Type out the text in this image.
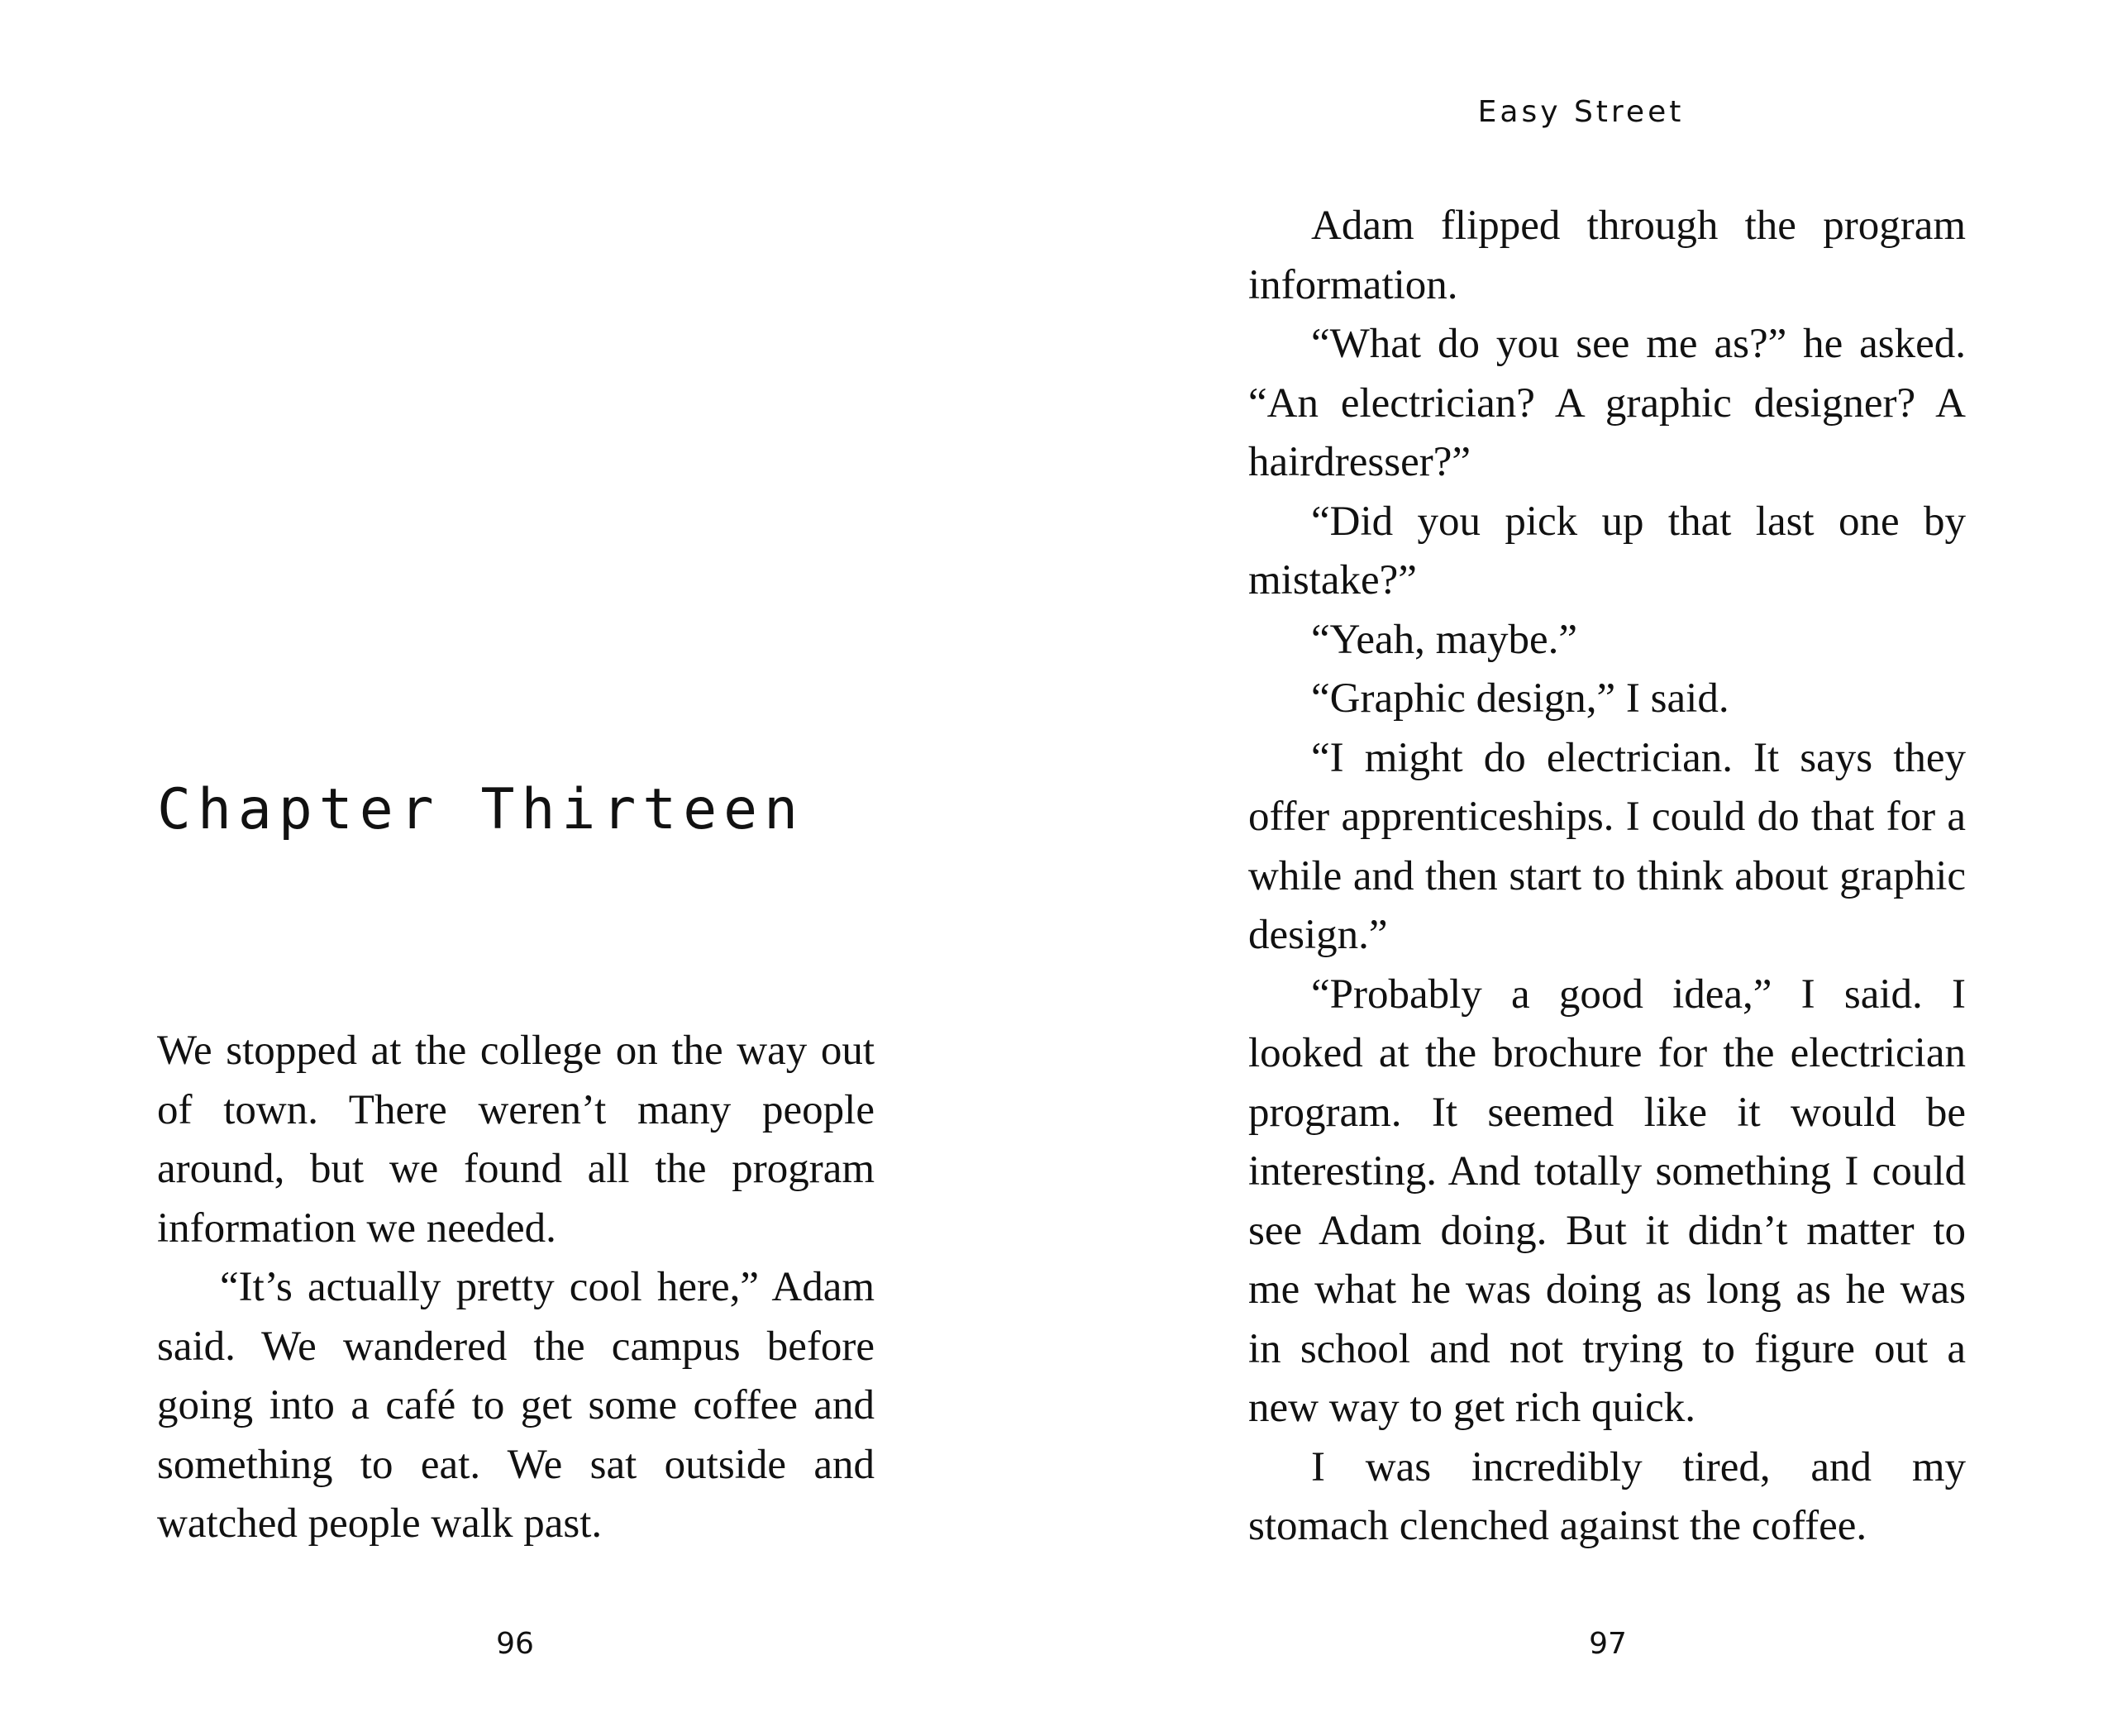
Chapter Thirteen

We stopped at the college on the way out of town. There weren’t many people around, but we found all the program information we needed.

“It’s actually pretty cool here,” Adam said. We wandered the campus before going into a café to get some coffee and something to eat. We sat outside and watched people walk past.

96
Easy Street

Adam flipped through the program information.

“What do you see me as?” he asked. “An electrician? A graphic designer? A hairdresser?”

“Did you pick up that last one by mistake?”

“Yeah, maybe.”

“Graphic design,” I said.

“I might do electrician. It says they offer apprenticeships. I could do that for a while and then start to think about graphic design.”

“Probably a good idea,” I said. I looked at the brochure for the electrician program. It seemed like it would be interesting. And totally something I could see Adam doing. But it didn’t matter to me what he was doing as long as he was in school and not trying to figure out a new way to get rich quick.

I was incredibly tired, and my stomach clenched against the coffee.

97
